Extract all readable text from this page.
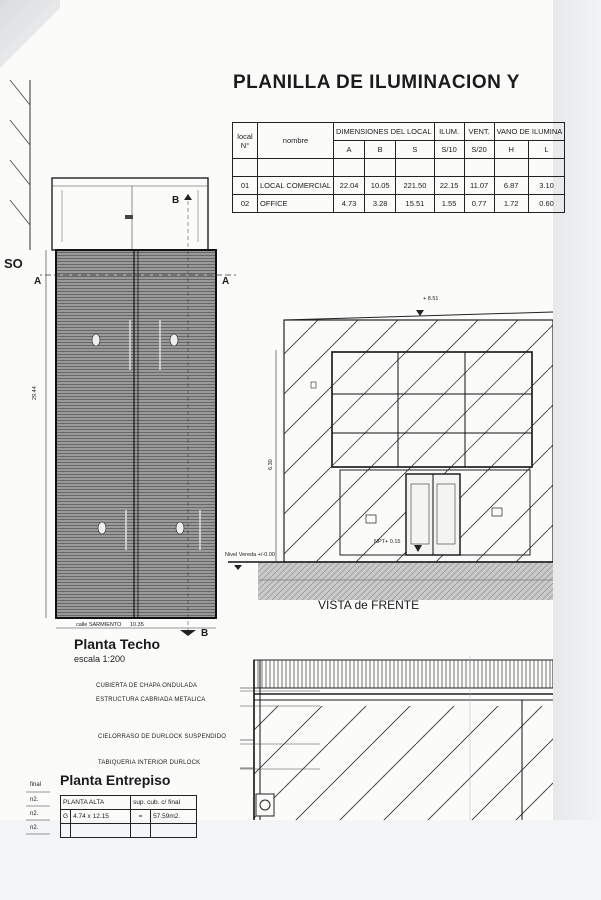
SO
PLANILLA DE ILUMINACION Y
local
N°	nombre	DIMENSIONES DEL LOCAL			ILUM.	VENT.	VANO DE ILUMINA	
		A	B	S	S/10	S/20	H	L

01	LOCAL COMERCIAL	22.04	10.05	221.50	22.15	11.07	6.87	3.10
02	OFFICE	4.73	3.28	15.51	1.55	0.77	1.72	0.60
A	A
B
B
29.44
10.35
calle SARMIENTO
Planta Techo
escala 1:200
+ 8.51
6.30
NPT+ 0.15
Nivel Vereda +/-0.00
VISTA de FRENTE
CUBIERTA DE CHAPA ONDULADA
ESTRUCTURA CABRIADA METALICA
CIELORRASO DE DURLOCK SUSPENDIDO
TABIQUERIA INTERIOR DURLOCK
Planta Entrepiso
PLANTA ALTA		sup. cub. c/ final	
G	4.74 x 12.15	=	57.59m2.

final
n2.
n2.
n2.
